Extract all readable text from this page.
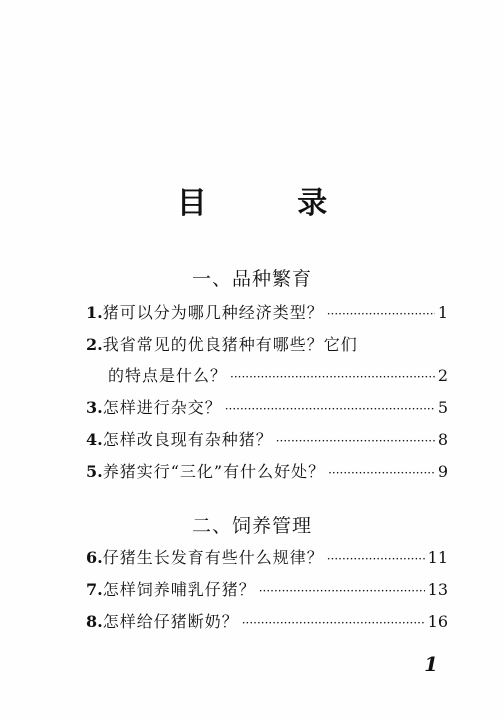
目 录
一、品种繁育
1. 猪可以分为哪几种经济类型？ ·····	1
2. 我省常见的优良猪种有哪些？它们
的特点是什么？ ·····	2
3. 怎样进行杂交？ ·····	5
4. 怎样改良现有杂种猪？ ·····	8
5. 养猪实行“三化”有什么好处？ ·····	9
二、饲养管理
6. 仔猪生长发育有些什么规律？ ·····	11
7. 怎样饲养哺乳仔猪？ ·····	13
8. 怎样给仔猪断奶？ ·····	16
1
